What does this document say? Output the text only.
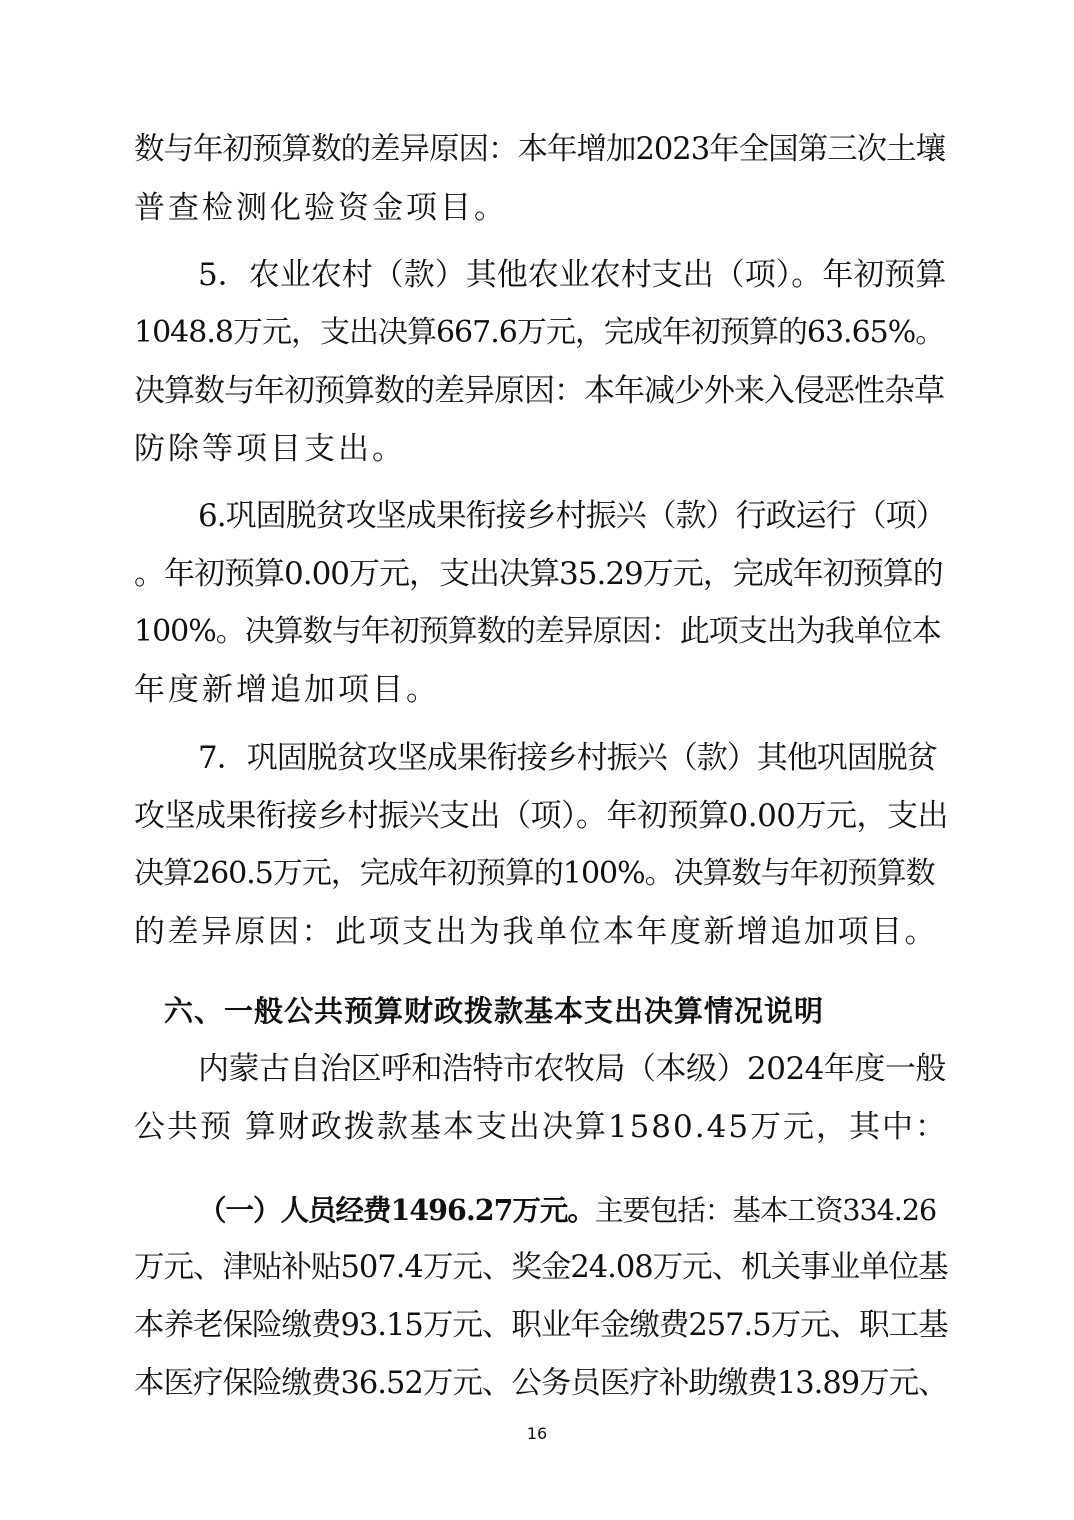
数与年初预算数的差异原因：本年增加2023年全国第三次土壤
普查检测化验资金项目。
5．农业农村（款）其他农业农村支出（项）。年初预算
1048.8万元，支出决算667.6万元，完成年初预算的63.65%。
决算数与年初预算数的差异原因：本年减少外来入侵恶性杂草
防除等项目支出。
6.巩固脱贫攻坚成果衔接乡村振兴（款）行政运行（项）
。年初预算0.00万元，支出决算35.29万元，完成年初预算的
100%。决算数与年初预算数的差异原因：此项支出为我单位本
年度新增追加项目。
7．巩固脱贫攻坚成果衔接乡村振兴（款）其他巩固脱贫
攻坚成果衔接乡村振兴支出（项）。年初预算0.00万元，支出
决算260.5万元，完成年初预算的100%。决算数与年初预算数
的差异原因：此项支出为我单位本年度新增追加项目。
六、一般公共预算财政拨款基本支出决算情况说明
内蒙古自治区呼和浩特市农牧局（本级）2024年度一般
公共预 算财政拨款基本支出决算1580.45万元，其中：
（一）人员经费1496.27万元。主要包括：基本工资334.26
万元、津贴补贴507.4万元、奖金24.08万元、机关事业单位基
本养老保险缴费93.15万元、职业年金缴费257.5万元、职工基
本医疗保险缴费36.52万元、公务员医疗补助缴费13.89万元、
16
